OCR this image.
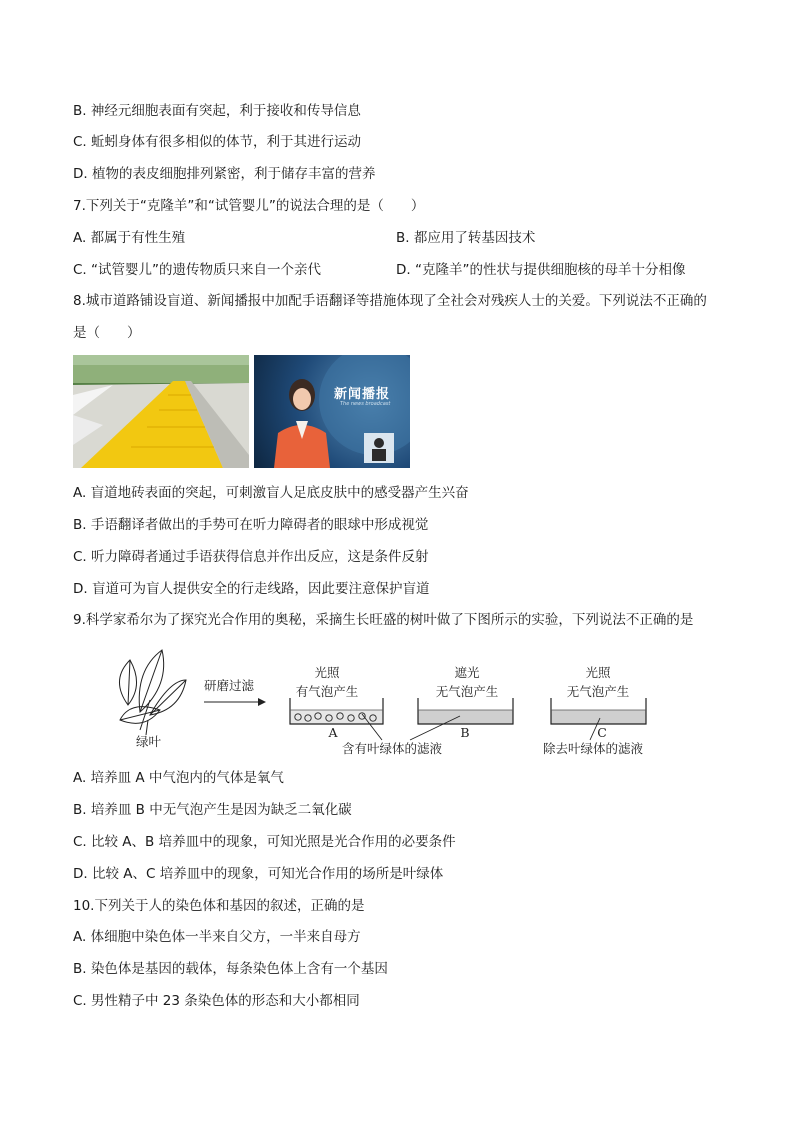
B. 神经元细胞表面有突起，利于接收和传导信息
C. 蚯蚓身体有很多相似的体节，利于其进行运动
D. 植物的表皮细胞排列紧密，利于储存丰富的营养
7.下列关于“克隆羊”和“试管婴儿”的说法合理的是（　　）
A. 都属于有性生殖	B. 都应用了转基因技术
C. “试管婴儿”的遗传物质只来自一个亲代	D. “克隆羊”的性状与提供细胞核的母羊十分相像
8.城市道路铺设盲道、新闻播报中加配手语翻译等措施体现了全社会对残疾人士的关爱。下列说法不正确的
是（　　）
新闻播报
The news broadcast
A. 盲道地砖表面的突起，可刺激盲人足底皮肤中的感受器产生兴奋
B. 手语翻译者做出的手势可在听力障碍者的眼球中形成视觉
C. 听力障碍者通过手语获得信息并作出反应，这是条件反射
D. 盲道可为盲人提供安全的行走线路，因此要注意保护盲道
9.科学家希尔为了探究光合作用的奥秘，采摘生长旺盛的树叶做了下图所示的实验，下列说法不正确的是
绿叶
研磨过滤
光照
有气泡产生
A
遮光
无气泡产生
B
含有叶绿体的滤液
光照
无气泡产生
C
除去叶绿体的滤液
A. 培养皿 A 中气泡内的气体是氧气
B. 培养皿 B 中无气泡产生是因为缺乏二氧化碳
C. 比较 A、B 培养皿中的现象，可知光照是光合作用的必要条件
D. 比较 A、C 培养皿中的现象，可知光合作用的场所是叶绿体
10.下列关于人的染色体和基因的叙述，正确的是
A. 体细胞中染色体一半来自父方，一半来自母方
B. 染色体是基因的载体，每条染色体上含有一个基因
C. 男性精子中 23 条染色体的形态和大小都相同
